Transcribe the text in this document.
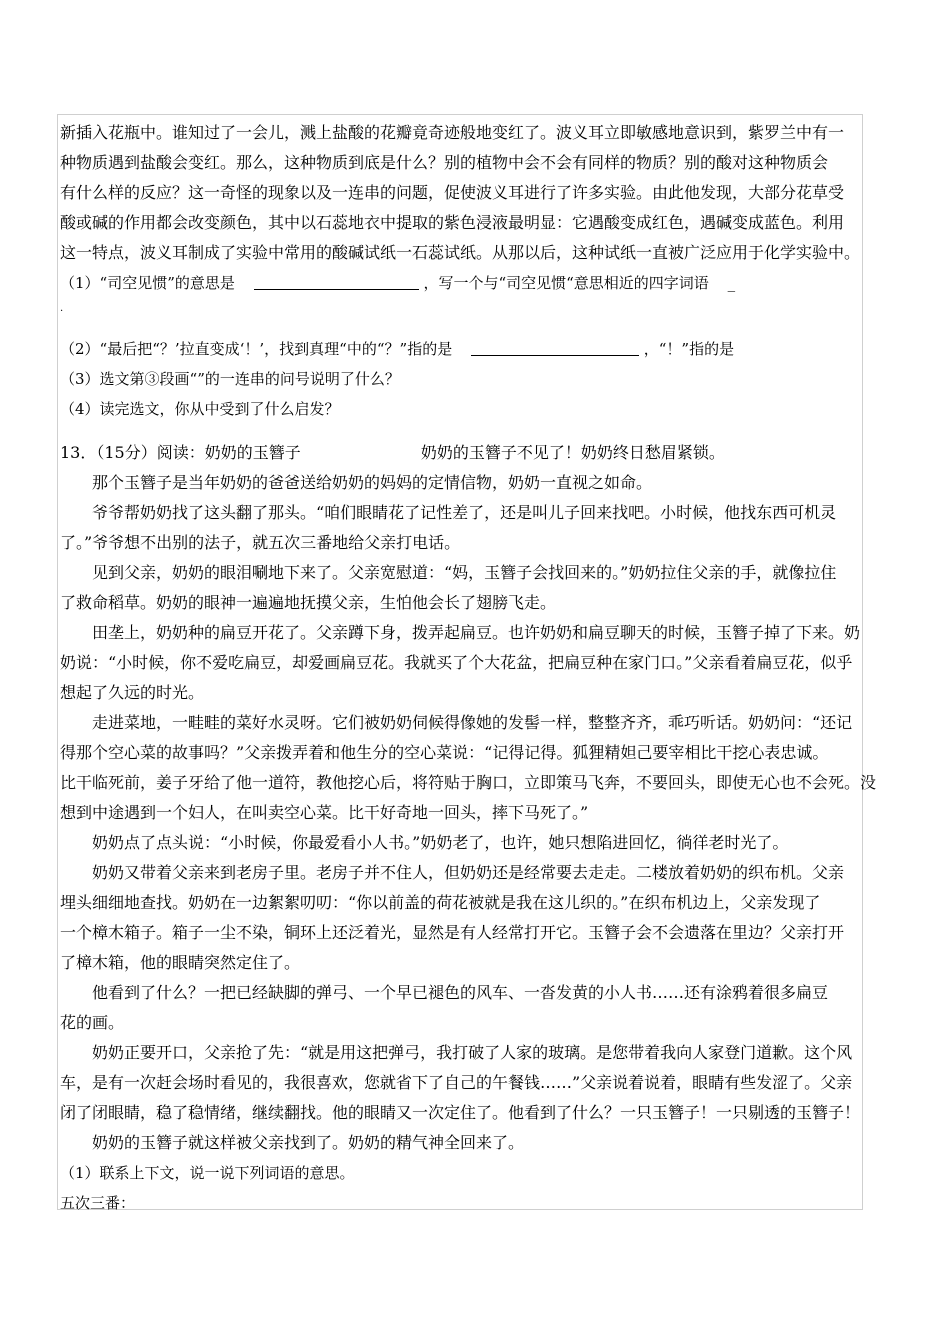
新插入花瓶中。谁知过了一会儿，溅上盐酸的花瓣竟奇迹般地变红了。波义耳立即敏感地意识到，紫罗兰中有一
种物质遇到盐酸会变红。那么，这种物质到底是什么？别的植物中会不会有同样的物质？别的酸对这种物质会
有什么样的反应？这一奇怪的现象以及一连串的问题，促使波义耳进行了许多实验。由此他发现，大部分花草受
酸或碱的作用都会改变颜色，其中以石蕊地衣中提取的紫色浸液最明显：它遇酸变成红色，遇碱变成蓝色。利用
这一特点，波义耳制成了实验中常用的酸碱试纸一石蕊试纸。从那以后，这种试纸一直被广泛应用于化学实验中。
（1）“司空见惯”的意思是	，写一个与“司空见惯“意思相近的四字词语 _
.
（2）“最后把“？’拉直变成‘！’，找到真理“中的“？”指的是	，“！”指的是
（3）选文第③段画“”的一连串的问号说明了什么？
（4）读完选文，你从中受到了什么启发？
13．（15分）阅读：奶奶的玉簪子	奶奶的玉簪子不见了！奶奶终日愁眉紧锁。
那个玉簪子是当年奶奶的爸爸送给奶奶的妈妈的定情信物，奶奶一直视之如命。
爷爷帮奶奶找了这头翻了那头。“咱们眼睛花了记性差了，还是叫儿子回来找吧。小时候，他找东西可机灵
了。”爷爷想不出别的法子，就五次三番地给父亲打电话。
见到父亲，奶奶的眼泪唰地下来了。父亲宽慰道：“妈，玉簪子会找回来的。”奶奶拉住父亲的手，就像拉住
了救命稻草。奶奶的眼神一遍遍地抚摸父亲，生怕他会长了翅膀飞走。
田垄上，奶奶种的扁豆开花了。父亲蹲下身，拨弄起扁豆。也许奶奶和扁豆聊天的时候，玉簪子掉了下来。奶
奶说：“小时候，你不爱吃扁豆，却爱画扁豆花。我就买了个大花盆，把扁豆种在家门口。”父亲看着扁豆花，似乎
想起了久远的时光。
走进菜地，一畦畦的菜好水灵呀。它们被奶奶伺候得像她的发髻一样，整整齐齐，乖巧听话。奶奶问：“还记
得那个空心菜的故事吗？”父亲拨弄着和他生分的空心菜说：“记得记得。狐狸精妲己要宰相比干挖心表忠诚。
比干临死前，姜子牙给了他一道符，教他挖心后，将符贴于胸口，立即策马飞奔，不要回头，即使无心也不会死。没
想到中途遇到一个妇人，在叫卖空心菜。比干好奇地一回头，摔下马死了。”
奶奶点了点头说：“小时候，你最爱看小人书。”奶奶老了，也许，她只想陷进回忆，徜徉老时光了。
奶奶又带着父亲来到老房子里。老房子并不住人，但奶奶还是经常要去走走。二楼放着奶奶的织布机。父亲
埋头细细地查找。奶奶在一边絮絮叨叨：“你以前盖的荷花被就是我在这儿织的。”在织布机边上，父亲发现了
一个樟木箱子。箱子一尘不染，铜环上还泛着光，显然是有人经常打开它。玉簪子会不会遗落在里边？父亲打开
了樟木箱，他的眼睛突然定住了。
他看到了什么？一把已经缺脚的弹弓、一个早已褪色的风车、一沓发黄的小人书……还有涂鸦着很多扁豆
花的画。
奶奶正要开口，父亲抢了先：“就是用这把弹弓，我打破了人家的玻璃。是您带着我向人家登门道歉。这个风
车，是有一次赶会场时看见的，我很喜欢，您就省下了自己的午餐钱……”父亲说着说着，眼睛有些发涩了。父亲
闭了闭眼睛，稳了稳情绪，继续翻找。他的眼睛又一次定住了。他看到了什么？一只玉簪子！一只剔透的玉簪子！
奶奶的玉簪子就这样被父亲找到了。奶奶的精气神全回来了。
（1）联系上下文，说一说下列词语的意思。
五次三番：
